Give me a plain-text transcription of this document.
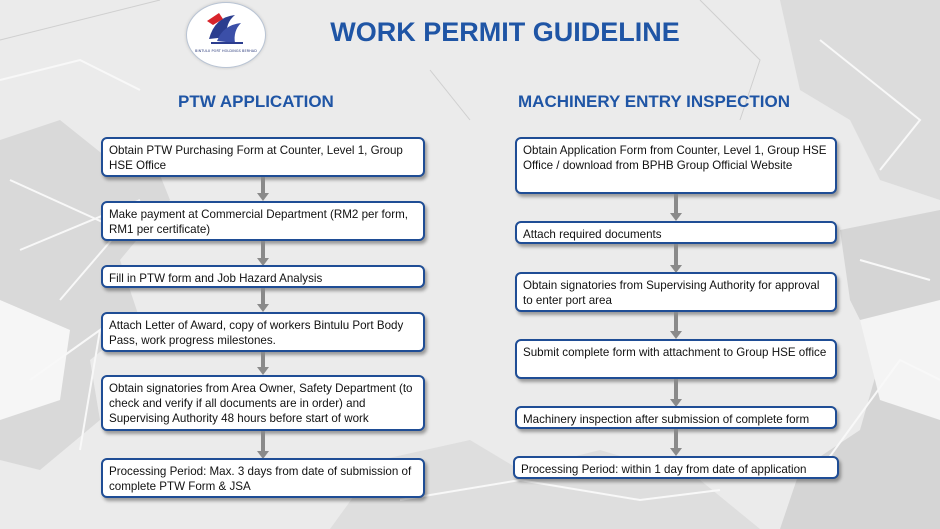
BINTULU PORT HOLDINGS BERHAD
WORK PERMIT GUIDELINE
PTW APPLICATION
Obtain PTW Purchasing Form at Counter, Level 1, Group HSE Office
Make payment at Commercial Department (RM2 per form, RM1 per certificate)
Fill in PTW form and Job Hazard Analysis
Attach Letter of Award, copy of workers Bintulu Port Body Pass, work progress milestones.
Obtain signatories from Area Owner, Safety Department (to check and verify if all documents are in order) and Supervising Authority 48 hours before start of work
Processing Period: Max. 3 days from date of submission of complete PTW Form & JSA
MACHINERY ENTRY INSPECTION
Obtain Application Form from Counter, Level 1, Group HSE Office / download from BPHB Group Official Website
Attach required documents
Obtain signatories from Supervising Authority for approval to enter port area
Submit complete form with attachment to Group HSE office
Machinery inspection after submission of complete form
Processing Period: within 1 day from date of application
